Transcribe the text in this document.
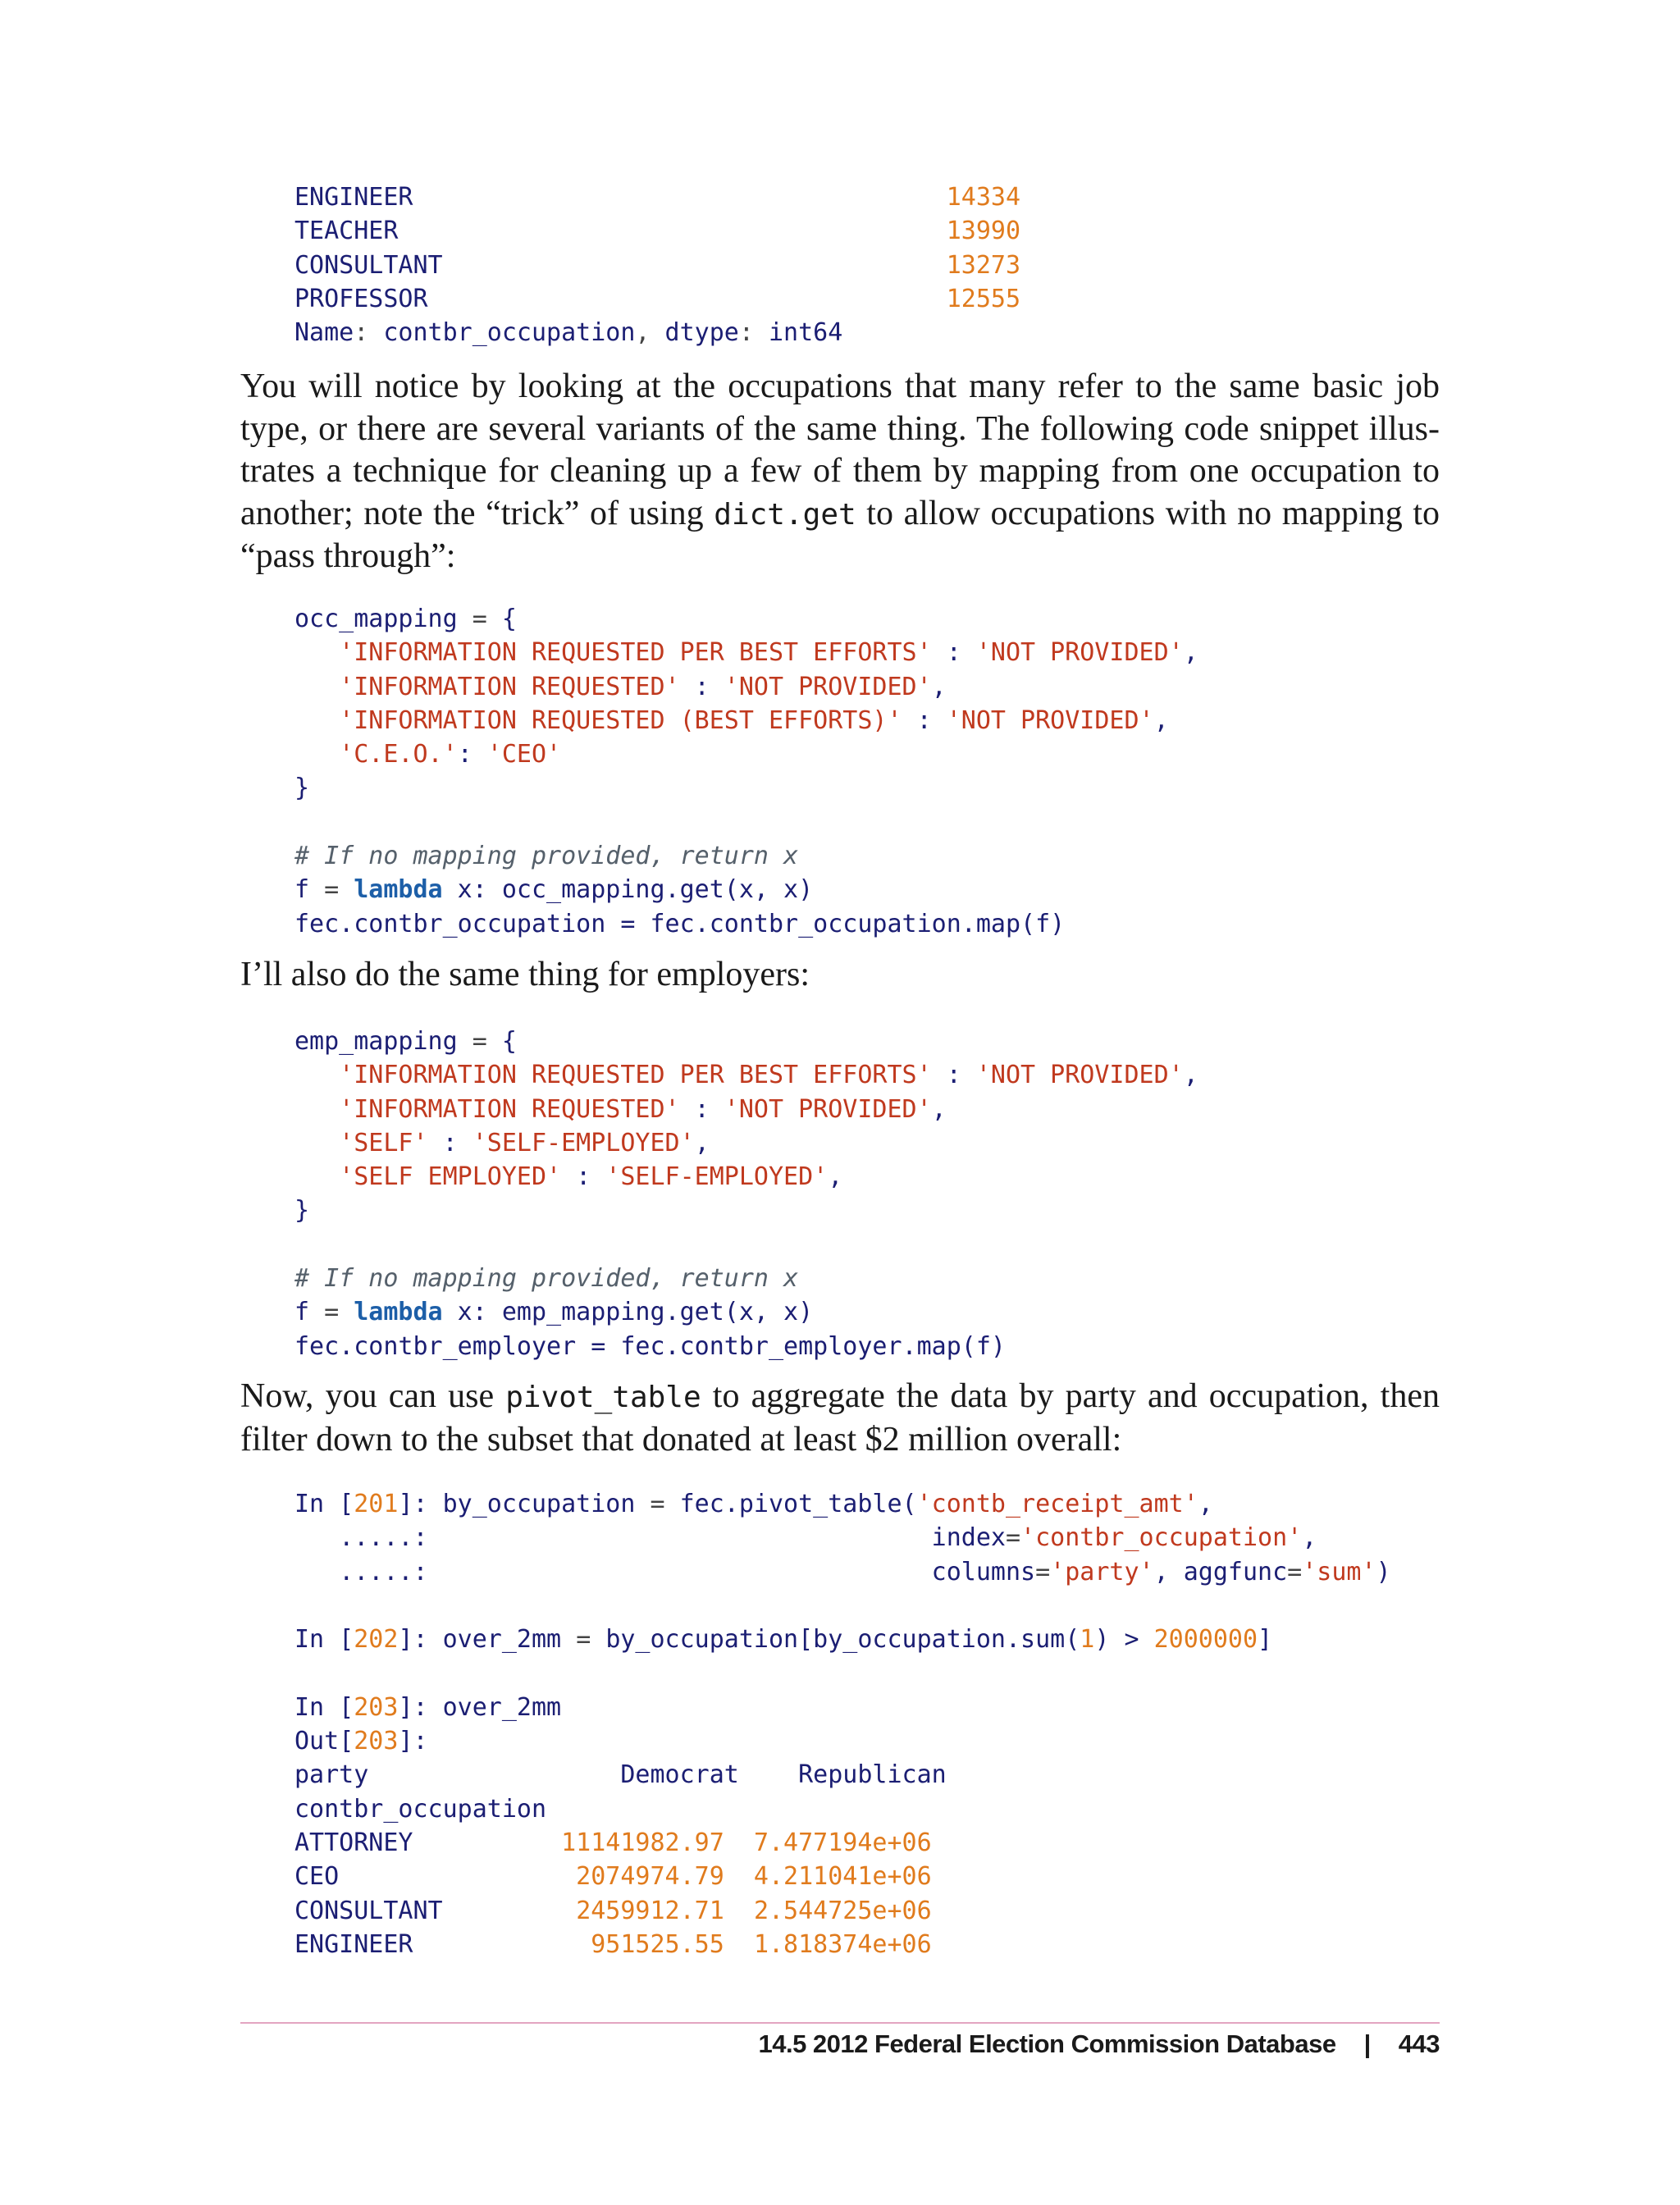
ENGINEER	14334
TEACHER	13990
CONSULTANT	13273
PROFESSOR	12555
Name: contbr_occupation, dtype: int64

You will notice by looking at the occupations that many refer to the same basic job type, or there are several variants of the same thing. The following code snippet illus-trates a technique for cleaning up a few of them by mapping from one occupation to another; note the “trick” of using dict.get to allow occupations with no mapping to “pass through”:

occ_mapping = {
'INFORMATION REQUESTED PER BEST EFFORTS' : 'NOT PROVIDED',
'INFORMATION REQUESTED' : 'NOT PROVIDED',
'INFORMATION REQUESTED (BEST EFFORTS)' : 'NOT PROVIDED',
'C.E.O.': 'CEO'
}

# If no mapping provided, return x
f = lambda x: occ_mapping.get(x, x)
fec.contbr_occupation = fec.contbr_occupation.map(f)

I’ll also do the same thing for employers:

emp_mapping = {
'INFORMATION REQUESTED PER BEST EFFORTS' : 'NOT PROVIDED',
'INFORMATION REQUESTED' : 'NOT PROVIDED',
'SELF' : 'SELF-EMPLOYED',
'SELF EMPLOYED' : 'SELF-EMPLOYED',
}

# If no mapping provided, return x
f = lambda x: emp_mapping.get(x, x)
fec.contbr_employer = fec.contbr_employer.map(f)

Now, you can use pivot_table to aggregate the data by party and occupation, then filter down to the subset that donated at least $2 million overall:

In [201]: by_occupation = fec.pivot_table('contb_receipt_amt',
.....:	index='contbr_occupation',
.....:	columns='party', aggfunc='sum')

In [202]: over_2mm = by_occupation[by_occupation.sum(1) > 2000000]

In [203]: over_2mm
Out[203]:
party	Democrat Republican
contbr_occupation
ATTORNEY	11141982.97 7.477194e+06
CEO	2074974.79 4.211041e+06
CONSULTANT	2459912.71 2.544725e+06
ENGINEER	951525.55 1.818374e+06
14.5 2012 Federal Election Commission Database | 443
